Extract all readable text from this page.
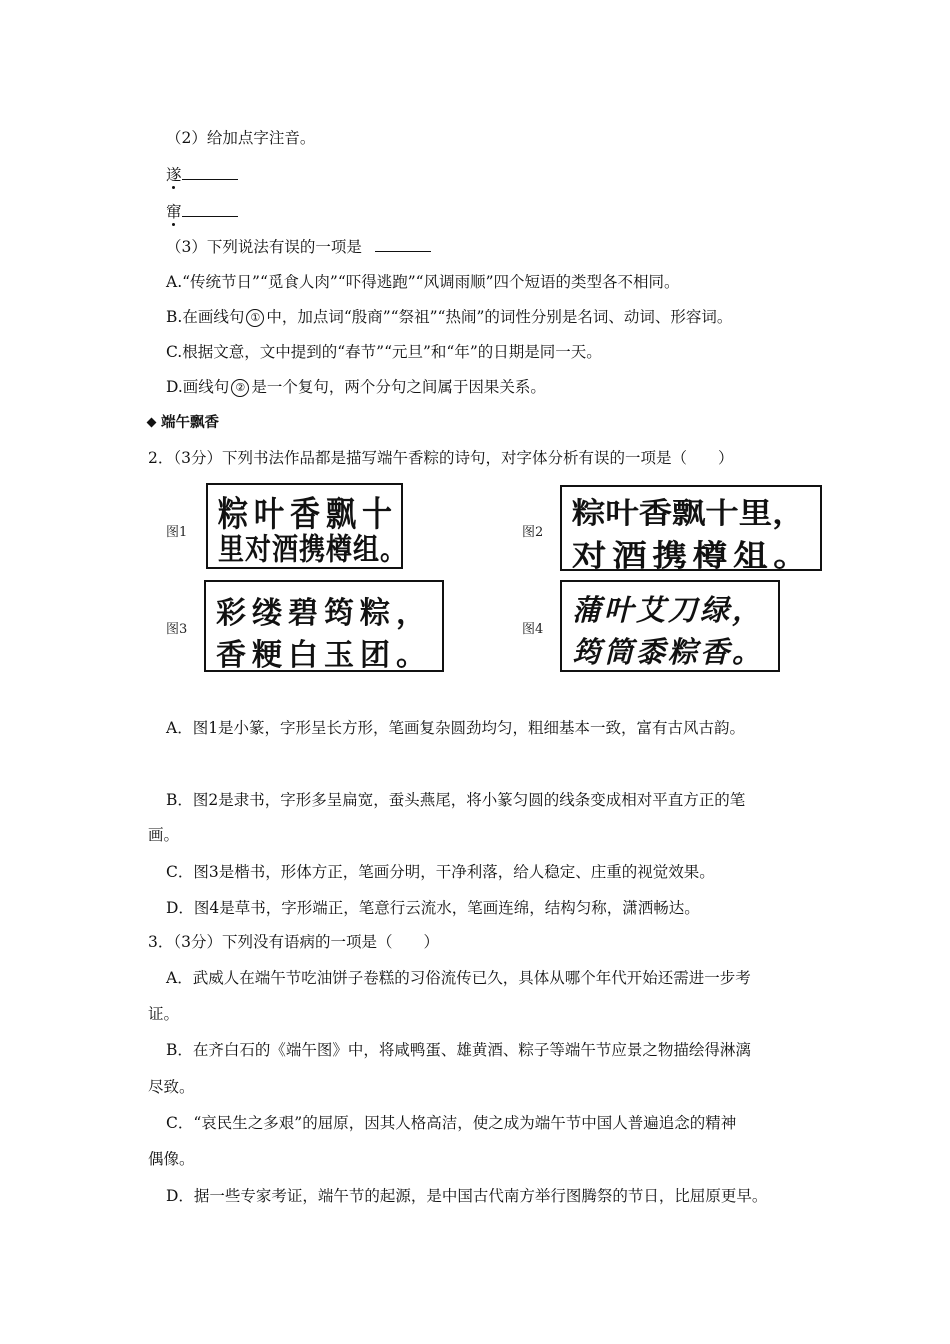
（2）给加点字注音。
遂
窜
（3）下列说法有误的一项是
A.“传统节日”“觅食人肉”“吓得逃跑”“风调雨顺”四个短语的类型各不相同。
B.在画线句 ① 中，加点词“殷商”“祭祖”“热闹”的词性分别是名词、动词、形容词。
C.根据文意，文中提到的“春节”“元旦”和“年”的日期是同一天。
D.画线句 ② 是一个复句，两个分句之间属于因果关系。
端午飘香
2．（3分）下列书法作品都是描写端午香粽的诗句，对字体分析有误的一项是（　　）
图1 粽叶香飘十
里对酒携樽组。
图2
粽叶香飘十里，
对酒携樽俎。
图3 彩缕碧筠粽，
香粳白玉团。
图4
蒲叶艾刀绿，
筠筒黍粽香。
A．图1是小篆，字形呈长方形，笔画复杂圆劲均匀，粗细基本一致，富有古风古韵。
B．图2是隶书，字形多呈扁宽，蚕头燕尾，将小篆匀圆的线条变成相对平直方正的笔
画。
C．图3是楷书，形体方正，笔画分明，干净利落，给人稳定、庄重的视觉效果。
D．图4是草书，字形端正，笔意行云流水，笔画连绵，结构匀称，潇洒畅达。
3．（3分）下列没有语病的一项是（　　）
A．武威人在端午节吃油饼子卷糕的习俗流传已久，具体从哪个年代开始还需进一步考
证。
B．在齐白石的《端午图》中，将咸鸭蛋、雄黄酒、粽子等端午节应景之物描绘得淋漓
尽致。
C．“哀民生之多艰”的屈原，因其人格高洁，使之成为端午节中国人普遍追念的精神
偶像。
D．据一些专家考证，端午节的起源，是中国古代南方举行图腾祭的节日，比屈原更早。
